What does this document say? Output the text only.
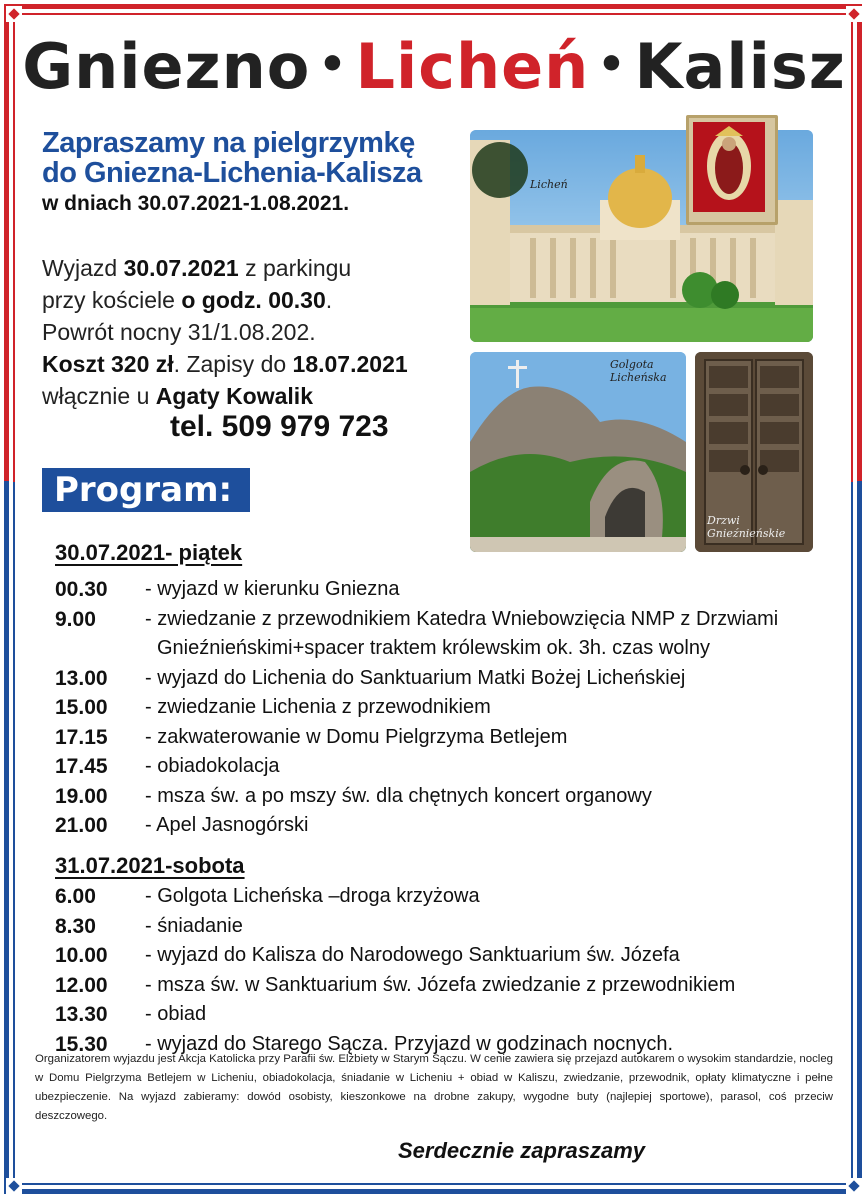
Gniezno • Licheń • Kalisz
Zapraszamy na pielgrzymkę
do Gniezna-Lichenia-Kalisza
w dniach 30.07.2021-1.08.2021.
Wyjazd 30.07.2021 z parkingu
przy kościele o godz. 00.30.
Powrót nocny 31/1.08.202.
Koszt 320 zł. Zapisy do 18.07.2021
włącznie u Agaty Kowalik
tel. 509 979 723
Licheń
Golgota
Licheńska
Drzwi
Gnieźnieńskie
Program:
30.07.2021- piątek
00.30	- wyjazd w kierunku Gniezna
9.00	- zwiedzanie z przewodnikiem Katedra Wniebowzięcia NMP z Drzwiami
Gnieźnieńskimi+spacer traktem królewskim ok. 3h. czas wolny
13.00	- wyjazd do Lichenia do Sanktuarium Matki Bożej Licheńskiej
15.00	- zwiedzanie Lichenia z przewodnikiem
17.15	- zakwaterowanie w Domu Pielgrzyma Betlejem
17.45	- obiadokolacja
19.00	- msza św. a po mszy św. dla chętnych koncert organowy
21.00	- Apel Jasnogórski
31.07.2021-sobota
6.00	- Golgota Licheńska –droga krzyżowa
8.30	- śniadanie
10.00	- wyjazd do Kalisza do Narodowego Sanktuarium św. Józefa
12.00	- msza św. w Sanktuarium św. Józefa zwiedzanie z przewodnikiem
13.30	- obiad
15.30	- wyjazd do Starego Sącza. Przyjazd w godzinach nocnych.
Organizatorem wyjazdu jest Akcja Katolicka przy Parafii św. Elżbiety w Starym Sączu. W cenie zawiera się przejazd autokarem o wysokim standardzie, nocleg w Domu Pielgrzyma Betlejem w Licheniu, obiadokolacja, śniadanie w Licheniu + obiad w Kaliszu, zwiedzanie, przewodnik, opłaty klimatyczne i pełne ubezpieczenie. Na wyjazd zabieramy: dowód osobisty, kieszonkowe na drobne zakupy, wygodne buty (najlepiej sportowe), parasol, coś przeciw deszczowego.
Serdecznie zapraszamy
